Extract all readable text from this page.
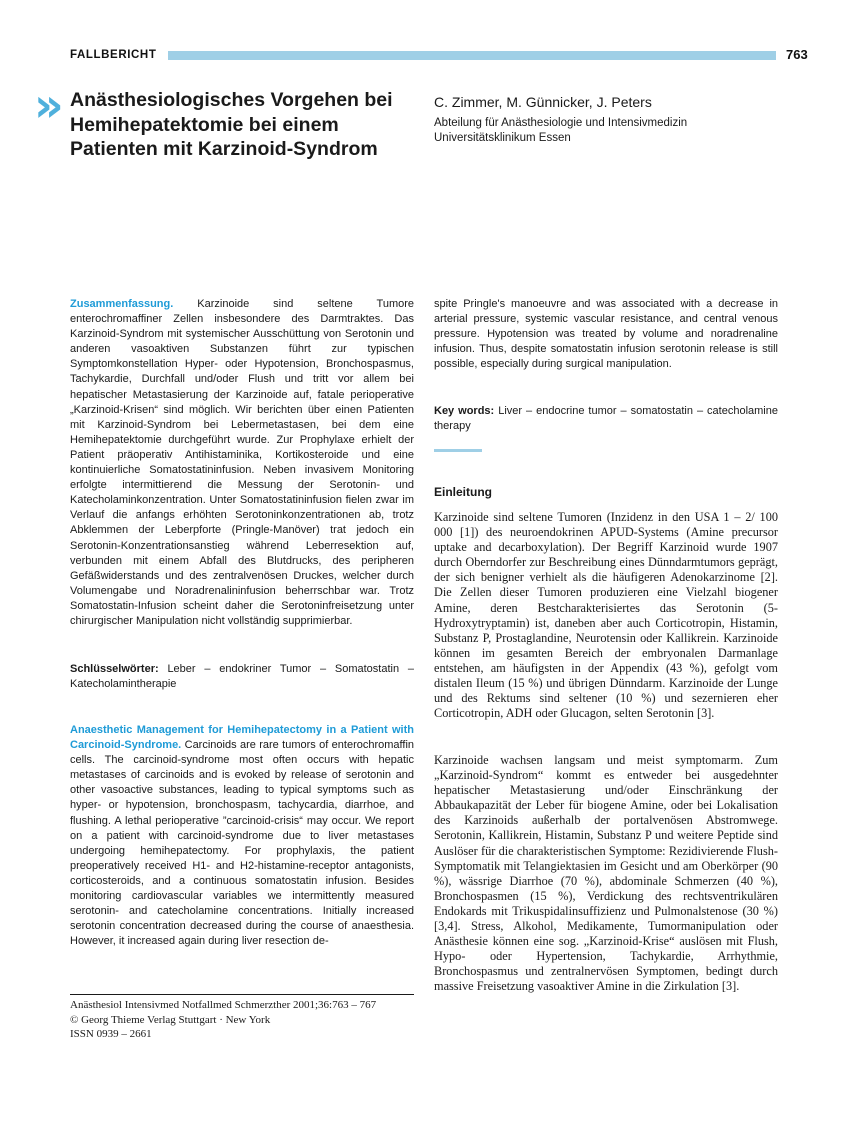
FALLBERICHT	763
» Anästhesiologisches Vorgehen bei Hemihepatektomie bei einem Patienten mit Karzinoid-Syndrom
C. Zimmer, M. Günnicker, J. Peters
Abteilung für Anästhesiologie und Intensivmedizin
Universitätsklinikum Essen
Zusammenfassung. Karzinoide sind seltene Tumore enterochromaffiner Zellen insbesondere des Darmtraktes. Das Karzinoid-Syndrom mit systemischer Ausschüttung von Serotonin und anderen vasoaktiven Substanzen führt zur typischen Symptomkonstellation Hyper- oder Hypotension, Bronchospasmus, Tachykardie, Durchfall und/oder Flush und tritt vor allem bei hepatischer Metastasierung der Karzinoide auf, fatale perioperative „Karzinoid-Krisen“ sind möglich. Wir berichten über einen Patienten mit Karzinoid-Syndrom bei Lebermetastasen, bei dem eine Hemihepatektomie durchgeführt wurde. Zur Prophylaxe erhielt der Patient präoperativ Antihistaminika, Kortikosteroide und eine kontinuierliche Somatostatininfusion. Neben invasivem Monitoring erfolgte intermittierend die Messung der Serotonin- und Katecholaminkonzentration. Unter Somatostatininfusion fielen zwar im Verlauf die anfangs erhöhten Serotoninkonzentrationen ab, trotz Abklemmen der Leberpforte (Pringle-Manöver) trat jedoch ein Serotonin-Konzentrationsanstieg während Leberresektion auf, verbunden mit einem Abfall des Blutdrucks, des peripheren Gefäßwiderstands und des zentralvenösen Druckes, welcher durch Volumengabe und Noradrenalininfusion beherrschbar war. Trotz Somatostatin-Infusion scheint daher die Serotoninfreisetzung unter chirurgischer Manipulation nicht vollständig supprimierbar.
Schlüsselwörter: Leber – endokriner Tumor – Somatostatin – Katecholamintherapie
Anaesthetic Management for Hemihepatectomy in a Patient with Carcinoid-Syndrome. Carcinoids are rare tumors of enterochromaffin cells. The carcinoid-syndrome most often occurs with hepatic metastases of carcinoids and is evoked by release of serotonin and other vasoactive substances, leading to typical symptoms such as hyper- or hypotension, bronchospasm, tachycardia, diarrhoe, and flushing. A lethal perioperative ”carcinoid-crisis“ may occur. We report on a patient with carcinoid-syndrome due to liver metastases undergoing hemihepatectomy. For prophylaxis, the patient preoperatively received H1- and H2-histamine-receptor antagonists, corticosteroids, and a continuous somatostatin infusion. Besides monitoring cardiovascular variables we intermittently measured serotonin- and catecholamine concentrations. Initially increased serotonin concentration decreased during the course of anaesthesia. However, it increased again during liver resection de-
spite Pringle's manoeuvre and was associated with a decrease in arterial pressure, systemic vascular resistance, and central venous pressure. Hypotension was treated by volume and noradrenaline infusion. Thus, despite somatostatin infusion serotonin release is still possible, especially during surgical manipulation.
Key words: Liver – endocrine tumor – somatostatin – catecholamine therapy
Einleitung

Karzinoide sind seltene Tumoren (Inzidenz in den USA 1 – 2/ 100 000 [1]) des neuroendokrinen APUD-Systems (Amine precursor uptake and decarboxylation). Der Begriff Karzinoid wurde 1907 durch Oberndorfer zur Beschreibung eines Dünndarmtumors geprägt, der sich benigner verhielt als die häufigeren Adenokarzinome [2]. Die Zellen dieser Tumoren produzieren eine Vielzahl biogener Amine, deren Bestcharakterisiertes das Serotonin (5-Hydroxytryptamin) ist, daneben aber auch Corticotropin, Histamin, Substanz P, Prostaglandine, Neurotensin oder Kallikrein. Karzinoide können im gesamten Bereich der embryonalen Darmanlage entstehen, am häufigsten in der Appendix (43 %), gefolgt vom distalen Ileum (15 %) und übrigen Dünndarm. Karzinoide der Lunge und des Rektums sind seltener (10 %) und sezernieren eher Corticotropin, ADH oder Glucagon, selten Serotonin [3].

Karzinoide wachsen langsam und meist symptomarm. Zum „Karzinoid-Syndrom“ kommt es entweder bei ausgedehnter hepatischer Metastasierung und/oder Einschränkung der Abbaukapazität der Leber für biogene Amine, oder bei Lokalisation des Karzinoids außerhalb der portalvenösen Abstromwege. Serotonin, Kallikrein, Histamin, Substanz P und weitere Peptide sind Auslöser für die charakteristischen Symptome: Rezidivierende Flush-Symptomatik mit Telangiektasien im Gesicht und am Oberkörper (90 %), wässrige Diarrhoe (70 %), abdominale Schmerzen (40 %), Bronchospasmen (15 %), Verdickung des rechtsventrikulären Endokards mit Trikuspidalinsuffizienz und Pulmonalstenose (30 %) [3,4]. Stress, Alkohol, Medikamente, Tumormanipulation oder Anästhesie können eine sog. „Karzinoid-Krise“ auslösen mit Flush, Hypo- oder Hypertension, Tachykardie, Arrhythmie, Bronchospasmus und zentralnervösen Symptomen, bedingt durch massive Freisetzung vasoaktiver Amine in die Zirkulation [3].

Anästhesiol Intensivmed Notfallmed Schmerzther 2001;36:763 – 767
© Georg Thieme Verlag Stuttgart · New York
ISSN 0939 – 2661
